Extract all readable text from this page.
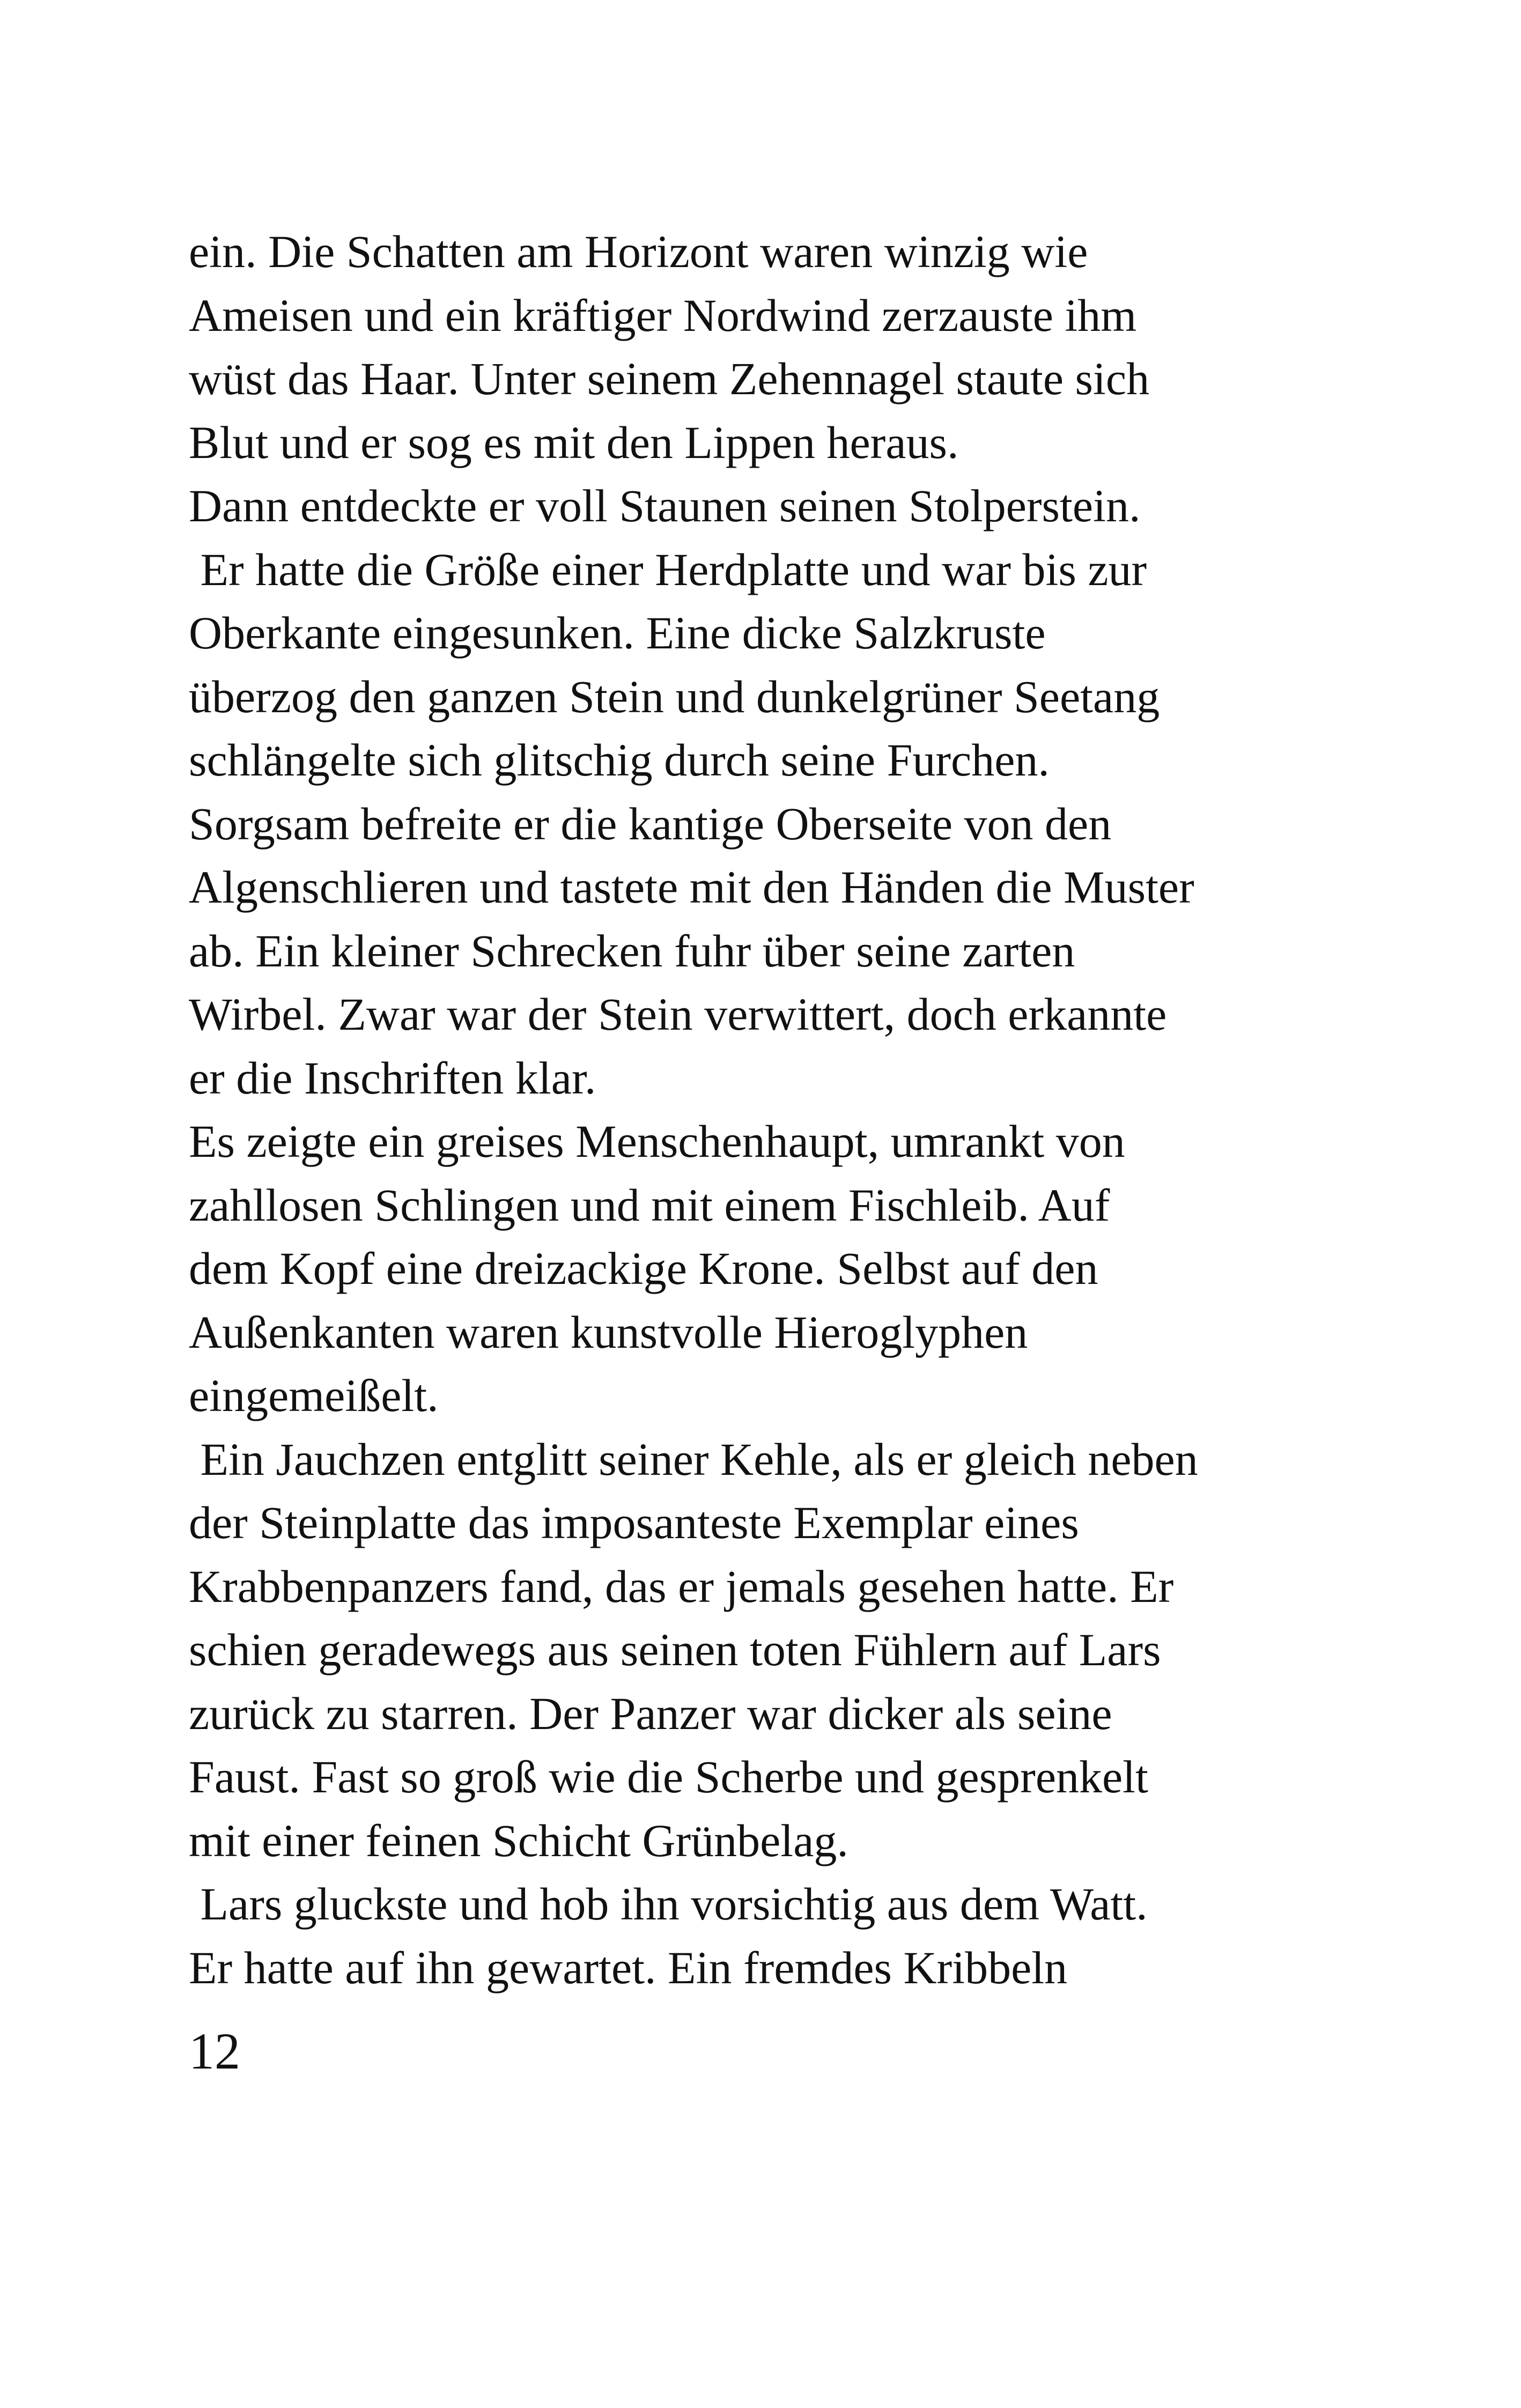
ein. Die Schatten am Horizont waren winzig wie
Ameisen und ein kräftiger Nordwind zerzauste ihm
wüst das Haar. Unter seinem Zehennagel staute sich
Blut und er sog es mit den Lippen heraus.
Dann entdeckte er voll Staunen seinen Stolperstein.
Er hatte die Größe einer Herdplatte und war bis zur
Oberkante eingesunken. Eine dicke Salzkruste
überzog den ganzen Stein und dunkelgrüner Seetang
schlängelte sich glitschig durch seine Furchen.
Sorgsam befreite er die kantige Oberseite von den
Algenschlieren und tastete mit den Händen die Muster
ab. Ein kleiner Schrecken fuhr über seine zarten
Wirbel. Zwar war der Stein verwittert, doch erkannte
er die Inschriften klar.
Es zeigte ein greises Menschenhaupt, umrankt von
zahllosen Schlingen und mit einem Fischleib. Auf
dem Kopf eine dreizackige Krone. Selbst auf den
Außenkanten waren kunstvolle Hieroglyphen
eingemeißelt.
Ein Jauchzen entglitt seiner Kehle, als er gleich neben
der Steinplatte das imposanteste Exemplar eines
Krabbenpanzers fand, das er jemals gesehen hatte. Er
schien geradewegs aus seinen toten Fühlern auf Lars
zurück zu starren. Der Panzer war dicker als seine
Faust. Fast so groß wie die Scherbe und gesprenkelt
mit einer feinen Schicht Grünbelag.
Lars gluckste und hob ihn vorsichtig aus dem Watt.
Er hatte auf ihn gewartet. Ein fremdes Kribbeln
12
